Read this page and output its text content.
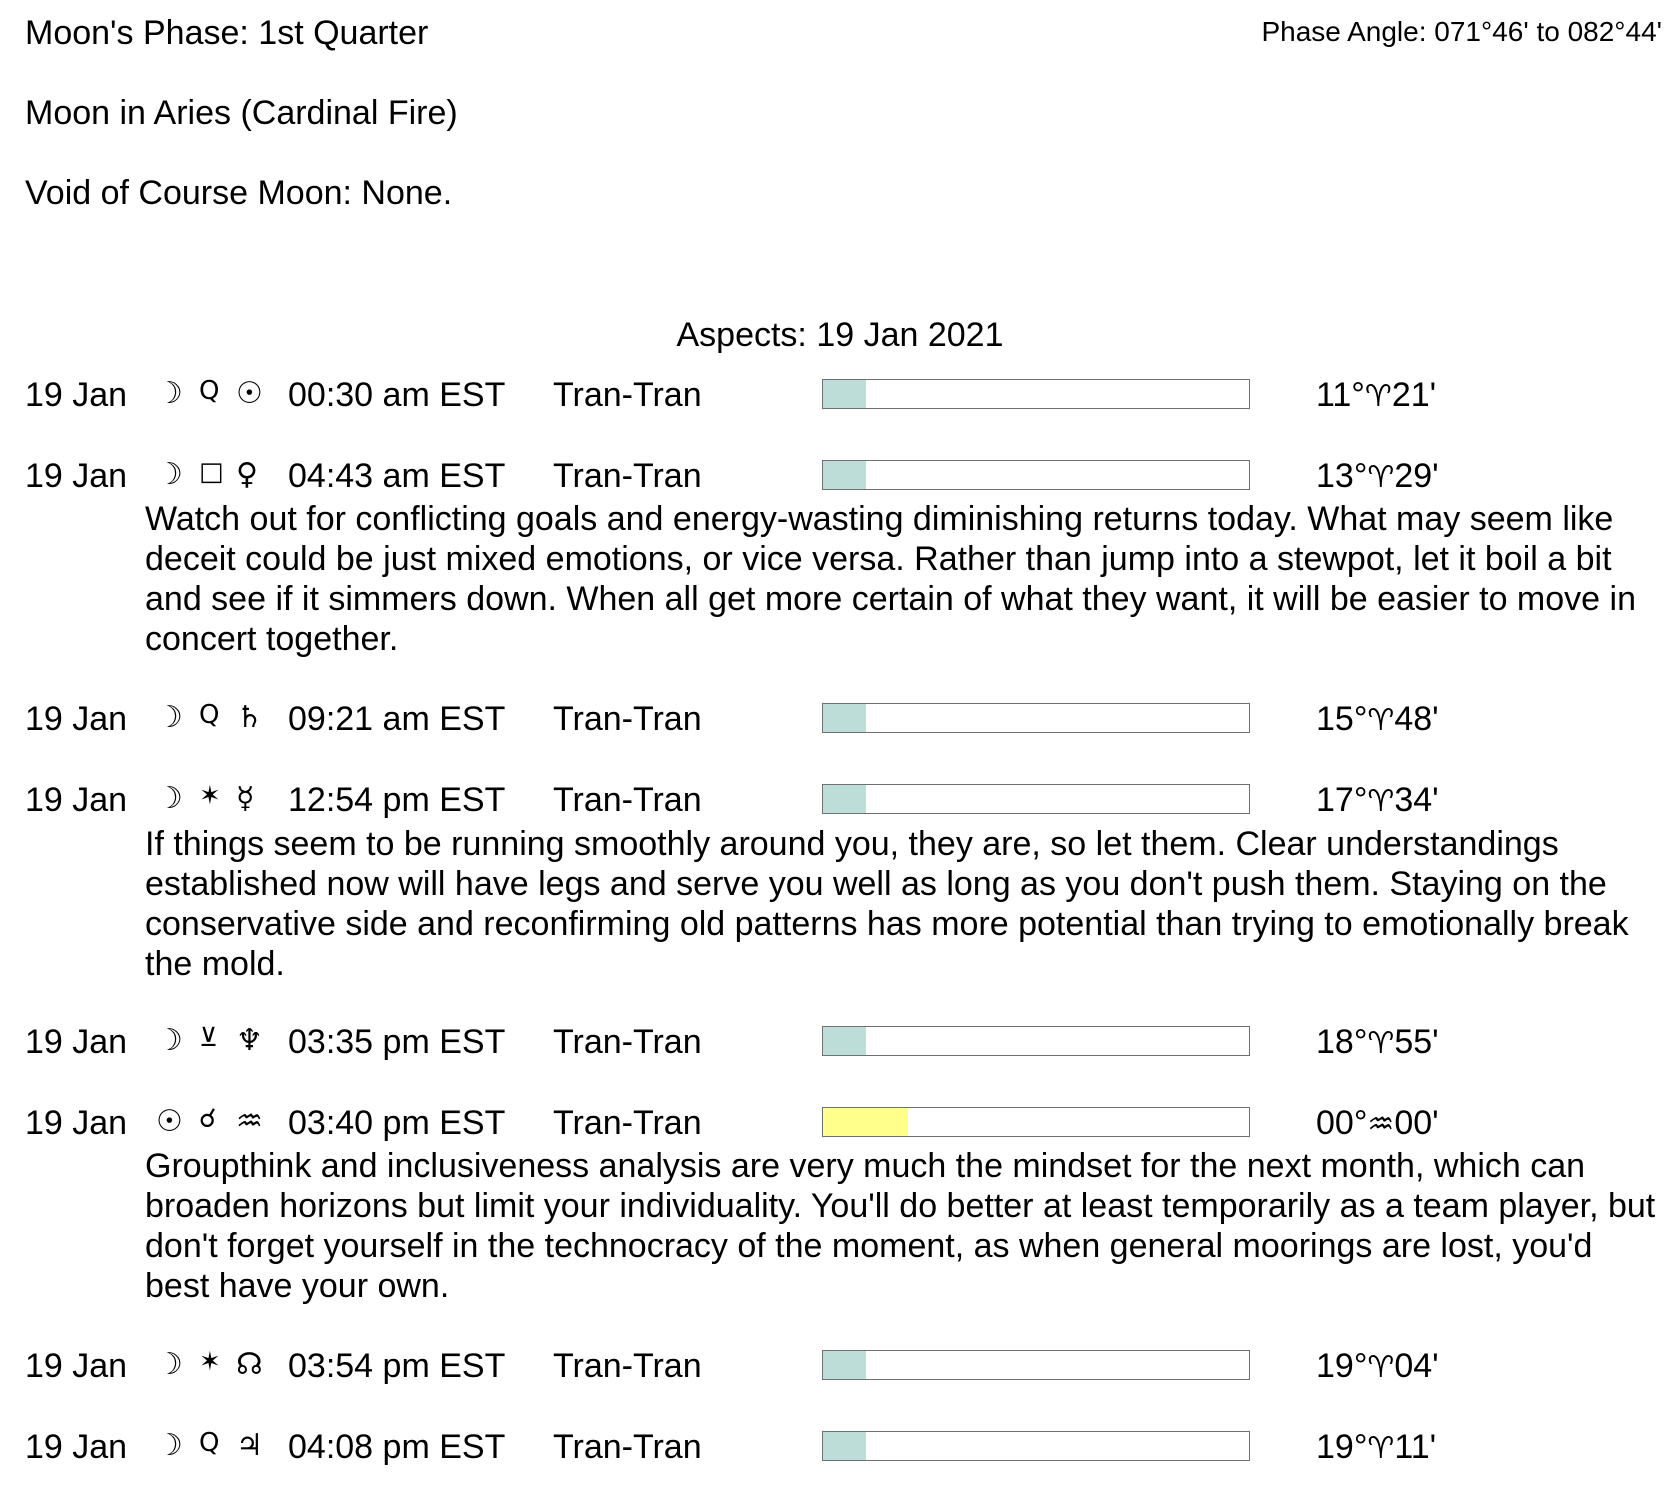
Moon's Phase: 1st Quarter
Moon in Aries (Cardinal Fire)
Void of Course Moon: None.
Phase Angle: 071°46' to 082°44'
Aspects: 19 Jan 2021
19 Jan ☽ Q ☉ 00:30 am EST Tran-Tran	11°♈21'
19 Jan ☽ □ ♀ 04:43 am EST Tran-Tran	13°♈29'
Watch out for conflicting goals and energy-wasting diminishing returns today. What may seem like deceit could be just mixed emotions, or vice versa. Rather than jump into a stewpot, let it boil a bit and see if it simmers down. When all get more certain of what they want, it will be easier to move in concert together.
19 Jan ☽ Q ♄ 09:21 am EST Tran-Tran	15°♈48'
19 Jan ☽ ✶ ☿ 12:54 pm EST Tran-Tran	17°♈34'
If things seem to be running smoothly around you, they are, so let them. Clear understandings established now will have legs and serve you well as long as you don't push them. Staying on the conservative side and reconfirming old patterns has more potential than trying to emotionally break the mold.
19 Jan ☽ ⊻ ♆ 03:35 pm EST Tran-Tran	18°♈55'
19 Jan ☉ ☌ ♒ 03:40 pm EST Tran-Tran	00°♒00'
Groupthink and inclusiveness analysis are very much the mindset for the next month, which can broaden horizons but limit your individuality. You'll do better at least temporarily as a team player, but don't forget yourself in the technocracy of the moment, as when general moorings are lost, you'd best have your own.
19 Jan ☽ ✶ ☊ 03:54 pm EST Tran-Tran	19°♈04'
19 Jan ☽ Q ♃ 04:08 pm EST Tran-Tran	19°♈11'
